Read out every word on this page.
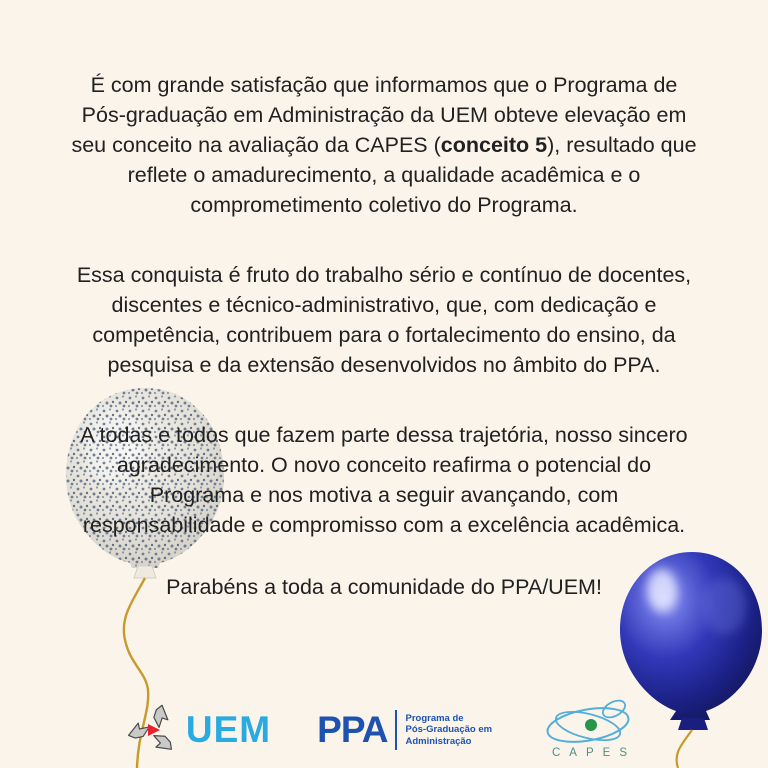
É com grande satisfação que informamos que o Programa de
Pós-graduação em Administração da UEM obteve elevação em
seu conceito na avaliação da CAPES (conceito 5), resultado que
reflete o amadurecimento, a qualidade acadêmica e o
comprometimento coletivo do Programa.

Essa conquista é fruto do trabalho sério e contínuo de docentes,
discentes e técnico-administrativo, que, com dedicação e
competência, contribuem para o fortalecimento do ensino, da
pesquisa e da extensão desenvolvidos no âmbito do PPA.

A todas e todos que fazem parte dessa trajetória, nosso sincero
agradecimento. O novo conceito reafirma o potencial do
Programa e nos motiva a seguir avançando, com
responsabilidade e compromisso com a excelência acadêmica.

Parabéns a toda a comunidade do PPA/UEM!

UEM PPA Programa de
Pós-Graduação em
Administração
CAPES
